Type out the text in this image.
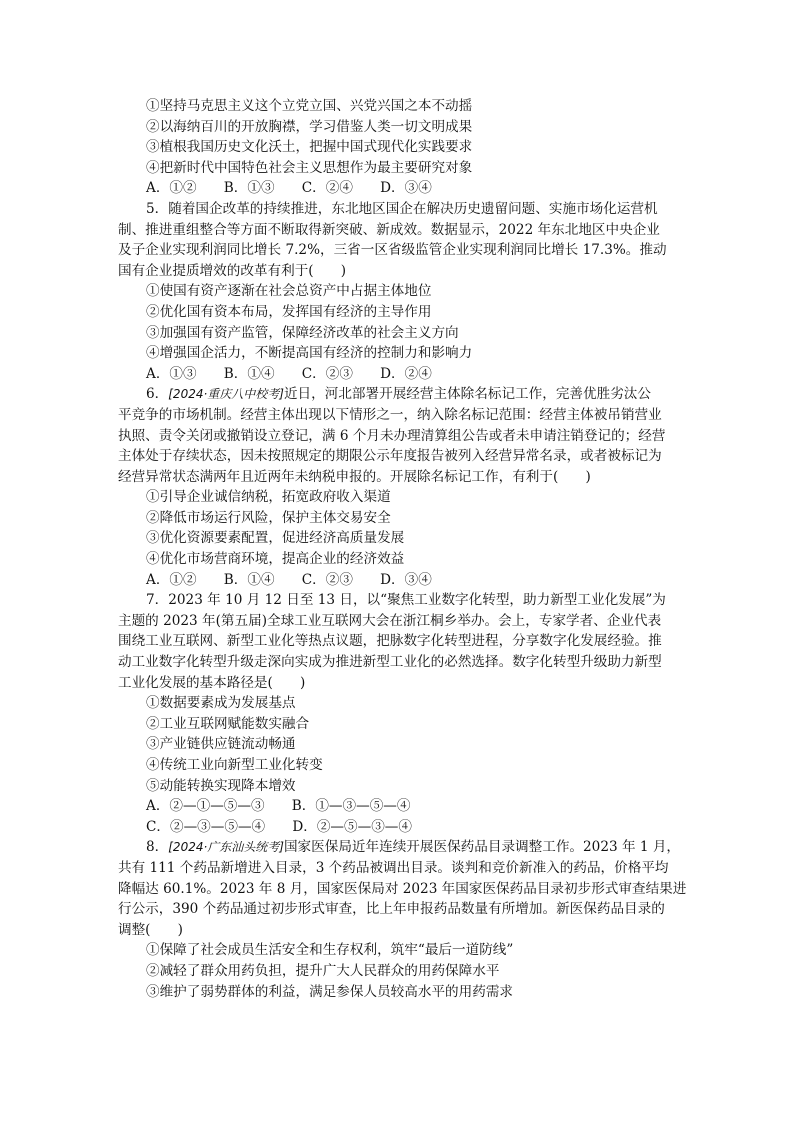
①坚持马克思主义这个立党立国、兴党兴国之本不动摇
②以海纳百川的开放胸襟，学习借鉴人类一切文明成果
③植根我国历史文化沃土，把握中国式现代化实践要求
④把新时代中国特色社会主义思想作为最主要研究对象
A．①②　　B．①③　　C．②④　　D．③④
5．随着国企改革的持续推进，东北地区国企在解决历史遗留问题、实施市场化运营机
制、推进重组整合等方面不断取得新突破、新成效。数据显示，2022 年东北地区中央企业
及子企业实现利润同比增长 7.2%，三省一区省级监管企业实现利润同比增长 17.3%。推动
国有企业提质增效的改革有利于(　　)
①使国有资产逐渐在社会总资产中占据主体地位
②优化国有资本布局，发挥国有经济的主导作用
③加强国有资产监管，保障经济改革的社会主义方向
④增强国企活力，不断提高国有经济的控制力和影响力
A．①③　　B．①④　　C．②③　　D．②④
6．[2024·重庆八中校考]近日，河北部署开展经营主体除名标记工作，完善优胜劣汰公
平竞争的市场机制。经营主体出现以下情形之一，纳入除名标记范围：经营主体被吊销营业
执照、责令关闭或撤销设立登记，满 6 个月未办理清算组公告或者未申请注销登记的；经营
主体处于存续状态，因未按照规定的期限公示年度报告被列入经营异常名录，或者被标记为
经营异常状态满两年且近两年未纳税申报的。开展除名标记工作，有利于(　　)
①引导企业诚信纳税，拓宽政府收入渠道
②降低市场运行风险，保护主体交易安全
③优化资源要素配置，促进经济高质量发展
④优化市场营商环境，提高企业的经济效益
A．①②　　B．①④　　C．②③　　D．③④
7．2023 年 10 月 12 日至 13 日，以“聚焦工业数字化转型，助力新型工业化发展”为
主题的 2023 年(第五届)全球工业互联网大会在浙江桐乡举办。会上，专家学者、企业代表
围绕工业互联网、新型工业化等热点议题，把脉数字化转型进程，分享数字化发展经验。推
动工业数字化转型升级走深向实成为推进新型工业化的必然选择。数字化转型升级助力新型
工业化发展的基本路径是(　　)
①数据要素成为发展基点
②工业互联网赋能数实融合
③产业链供应链流动畅通
④传统工业向新型工业化转变
⑤动能转换实现降本增效
A．②—①—⑤—③　　B．①—③—⑤—④
C．②—③—⑤—④　　D．②—⑤—③—④
8．[2024·广东汕头统考]国家医保局近年连续开展医保药品目录调整工作。2023 年 1 月，
共有 111 个药品新增进入目录，3 个药品被调出目录。谈判和竞价新准入的药品，价格平均
降幅达 60.1%。2023 年 8 月，国家医保局对 2023 年国家医保药品目录初步形式审查结果进
行公示，390 个药品通过初步形式审查，比上年申报药品数量有所增加。新医保药品目录的
调整(　　)
①保障了社会成员生活安全和生存权利，筑牢“最后一道防线”
②减轻了群众用药负担，提升广大人民群众的用药保障水平
③维护了弱势群体的利益，满足参保人员较高水平的用药需求
